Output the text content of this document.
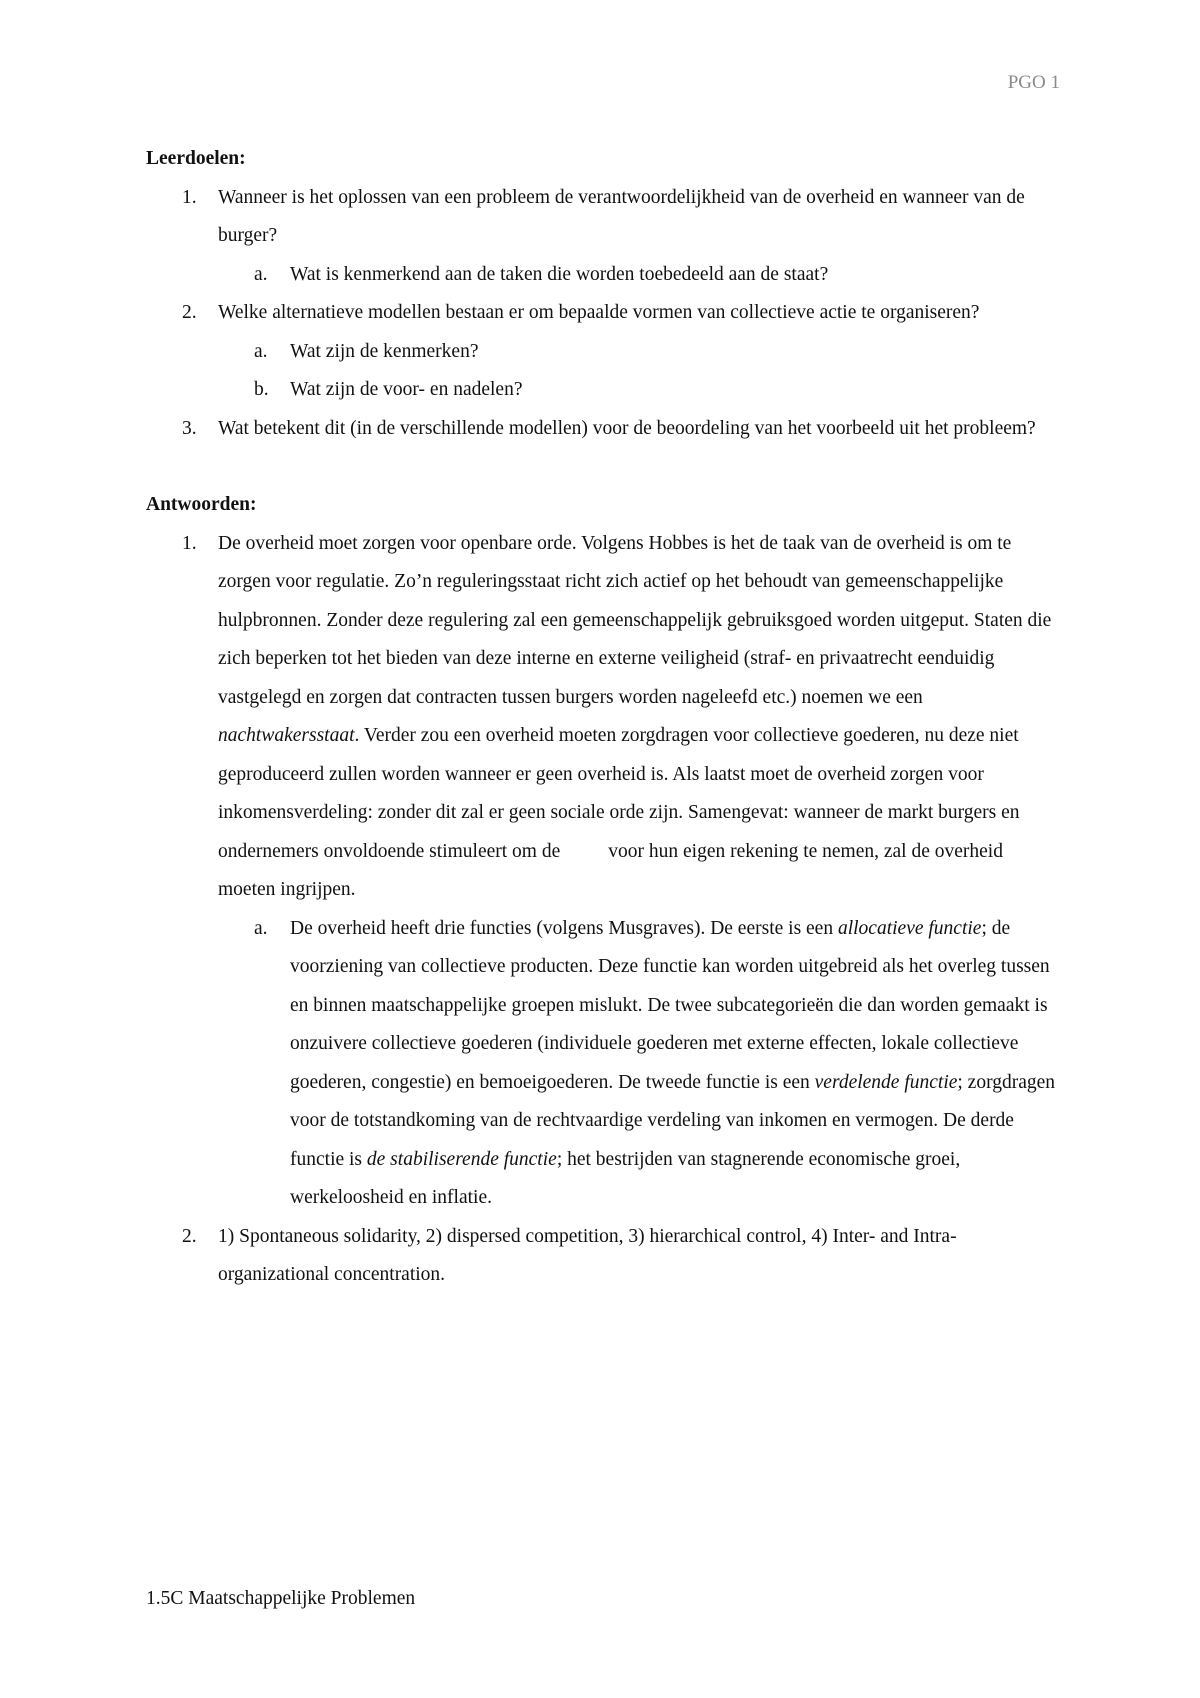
PGO 1

Leerdoelen:

1. Wanneer is het oplossen van een probleem de verantwoordelijkheid van de overheid en wanneer van de burger?
a. Wat is kenmerkend aan de taken die worden toebedeeld aan de staat?
2. Welke alternatieve modellen bestaan er om bepaalde vormen van collectieve actie te organiseren?
a. Wat zijn de kenmerken?
b. Wat zijn de voor- en nadelen?
3. Wat betekent dit (in de verschillende modellen) voor de beoordeling van het voorbeeld uit het probleem?

Antwoorden:

1. De overheid moet zorgen voor openbare orde. Volgens Hobbes is het de taak van de overheid is om te zorgen voor regulatie. Zo’n reguleringsstaat richt zich actief op het behoudt van gemeenschappelijke hulpbronnen. Zonder deze regulering zal een gemeenschappelijk gebruiksgoed worden uitgeput. Staten die zich beperken tot het bieden van deze interne en externe veiligheid (straf- en privaatrecht eenduidig vastgelegd en zorgen dat contracten tussen burgers worden nageleefd etc.) noemen we een nachtwakersstaat. Verder zou een overheid moeten zorgdragen voor collectieve goederen, nu deze niet geproduceerd zullen worden wanneer er geen overheid is. Als laatst moet de overheid zorgen voor inkomensverdeling: zonder dit zal er geen sociale orde zijn. Samengevat: wanneer de markt burgers en ondernemers onvoldoende stimuleert om de voor hun eigen rekening te nemen, zal de overheid moeten ingrijpen.
a. De overheid heeft drie functies (volgens Musgraves). De eerste is een allocatieve functie; de voorziening van collectieve producten. Deze functie kan worden uitgebreid als het overleg tussen en binnen maatschappelijke groepen mislukt. De twee subcategorieën die dan worden gemaakt is onzuivere collectieve goederen (individuele goederen met externe effecten, lokale collectieve goederen, congestie) en bemoeigoederen. De tweede functie is een verdelende functie; zorgdragen voor de totstandkoming van de rechtvaardige verdeling van inkomen en vermogen. De derde functie is de stabiliserende functie; het bestrijden van stagnerende economische groei, werkeloosheid en inflatie.
2. 1) Spontaneous solidarity, 2) dispersed competition, 3) hierarchical control, 4) Inter- and Intra-organizational concentration.
1.5C Maatschappelijke Problemen
